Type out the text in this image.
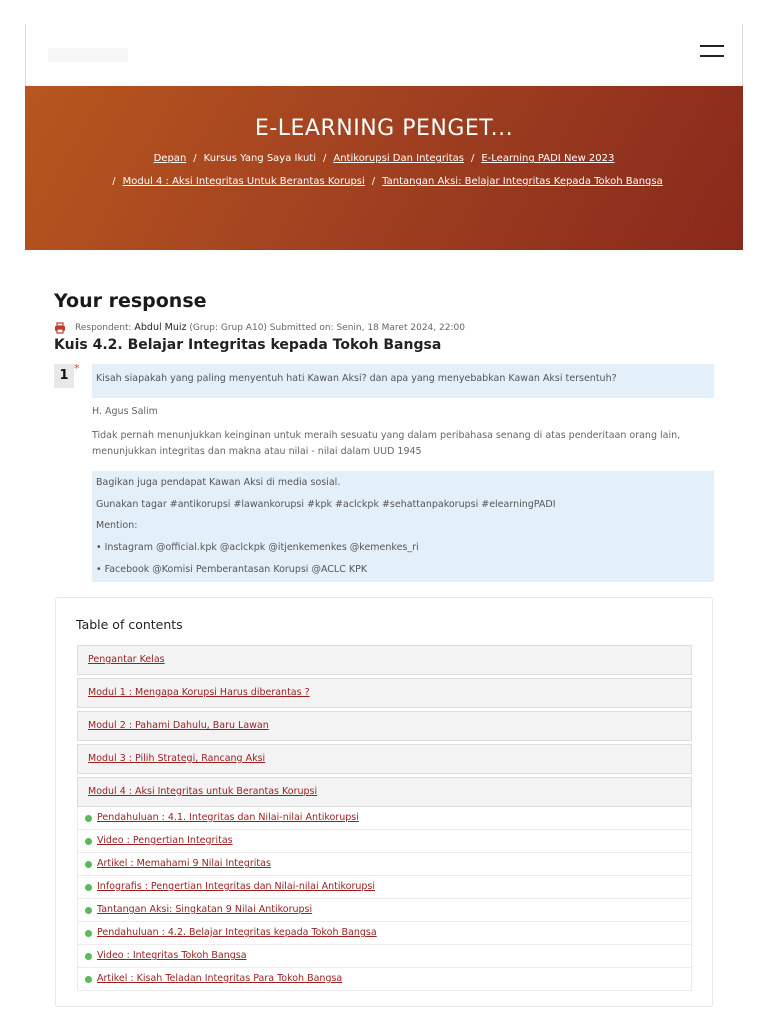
E-LEARNING PENGET...
Depan / Kursus Yang Saya Ikuti / Antikorupsi Dan Integritas / E-Learning PADI New 2023
/ Modul 4 : Aksi Integritas Untuk Berantas Korupsi / Tantangan Aksi: Belajar Integritas Kepada Tokoh Bangsa
Your response
Respondent:
Abdul Muiz
(Grup: Grup A10) Submitted on: Senin, 18 Maret 2024, 22:00
Kuis 4.2. Belajar Integritas kepada Tokoh Bangsa
1 *
Kisah siapakah yang paling menyentuh hati Kawan Aksi? dan apa yang menyebabkan Kawan Aksi tersentuh?

H. Agus Salim

Tidak pernah menunjukkan keinginan untuk meraih sesuatu yang dalam peribahasa senang di atas penderitaan orang lain, menunjukkan integritas dan makna atau nilai - nilai dalam UUD 1945

Bagikan juga pendapat Kawan Aksi di media sosial.
Gunakan tagar #antikorupsi #lawankorupsi #kpk #aclckpk #sehattanpakorupsi #elearningPADI
Mention:
• Instagram @official.kpk @aclckpk @itjenkemenkes @kemenkes_ri
• Facebook @Komisi Pemberantasan Korupsi @ACLC KPK
Table of contents
Pengantar Kelas
Modul 1 : Mengapa Korupsi Harus diberantas ?
Modul 2 : Pahami Dahulu, Baru Lawan
Modul 3 : Pilih Strategi, Rancang Aksi
Modul 4 : Aksi Integritas untuk Berantas Korupsi
Pendahuluan : 4.1. Integritas dan Nilai-nilai Antikorupsi
Video : Pengertian Integritas
Artikel : Memahami 9 Nilai Integritas
Infografis : Pengertian Integritas dan Nilai-nilai Antikorupsi
Tantangan Aksi: Singkatan 9 Nilai Antikorupsi
Pendahuluan : 4.2. Belajar Integritas kepada Tokoh Bangsa
Video : Integritas Tokoh Bangsa
Artikel : Kisah Teladan Integritas Para Tokoh Bangsa
